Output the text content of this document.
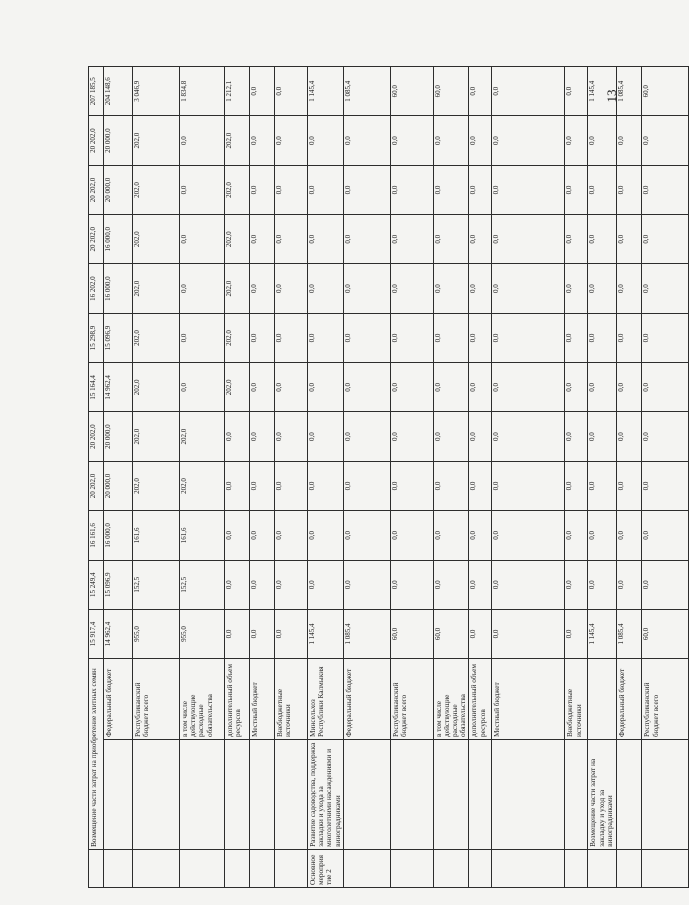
13
	Возмещение части затрат на приобретение элитных семян		15 917,4	15 249,4	16 161,6	20 202,0	20 202,0	15 164,4	15 298,9	16 202,0	20 202,0	20 202,0	20 202,0	207 185,5
		Федеральный бюджет	14 962,4	15 096,9	16 000,0	20 000,0	20 000,0	14 962,4	15 096,9	16 000,0	16 000,0	20 000,0	20 000,0	204 148,6
		Республиканский бюджет всего	955,0	152,5	161,6	202,0	202,0	202,0	202,0	202,0	202,0	202,0	202,0	3 046,9
		в том числе действующие расходные обязательства	955,0	152,5	161,6	202,0	202,0	0,0	0,0	0,0	0,0	0,0	0,0	1 834,8
		дополнительный объем ресурсов	0,0	0,0	0,0	0,0	0,0	202,0	202,0	202,0	202,0	202,0	202,0	1 212,1
		Местный бюджет	0,0	0,0	0,0	0,0	0,0	0,0	0,0	0,0	0,0	0,0	0,0	0,0
		Внебюджетные источники	0,0	0,0	0,0	0,0	0,0	0,0	0,0	0,0	0,0	0,0	0,0	0,0
Основное мероприятие 2	Развитие садоводства, поддержка закладки и ухода за многолетними насаждениями и виноградниками	Минсельхоз Республики Калмыкия	1 145,4	0,0	0,0	0,0	0,0	0,0	0,0	0,0	0,0	0,0	0,0	1 145,4
		Федеральный бюджет	1 085,4	0,0	0,0	0,0	0,0	0,0	0,0	0,0	0,0	0,0	0,0	1 085,4
		Республиканский бюджет всего	60,0	0,0	0,0	0,0	0,0	0,0	0,0	0,0	0,0	0,0	0,0	60,0
		в том числе действующие расходные обязательства	60,0	0,0	0,0	0,0	0,0	0,0	0,0	0,0	0,0	0,0	0,0	60,0
		дополнительный объем ресурсов	0,0	0,0	0,0	0,0	0,0	0,0	0,0	0,0	0,0	0,0	0,0	0,0
		Местный бюджет	0,0	0,0	0,0	0,0	0,0	0,0	0,0	0,0	0,0	0,0	0,0	0,0
		Внебюджетные источники	0,0	0,0	0,0	0,0	0,0	0,0	0,0	0,0	0,0	0,0	0,0	0,0
	Возмещение части затрат на закладку и уход за виноградниками		1 145,4	0,0	0,0	0,0	0,0	0,0	0,0	0,0	0,0	0,0	0,0	1 145,4
		Федеральный бюджет	1 085,4	0,0	0,0	0,0	0,0	0,0	0,0	0,0	0,0	0,0	0,0	1 085,4
		Республиканский бюджет всего	60,0	0,0	0,0	0,0	0,0	0,0	0,0	0,0	0,0	0,0	0,0	60,0
